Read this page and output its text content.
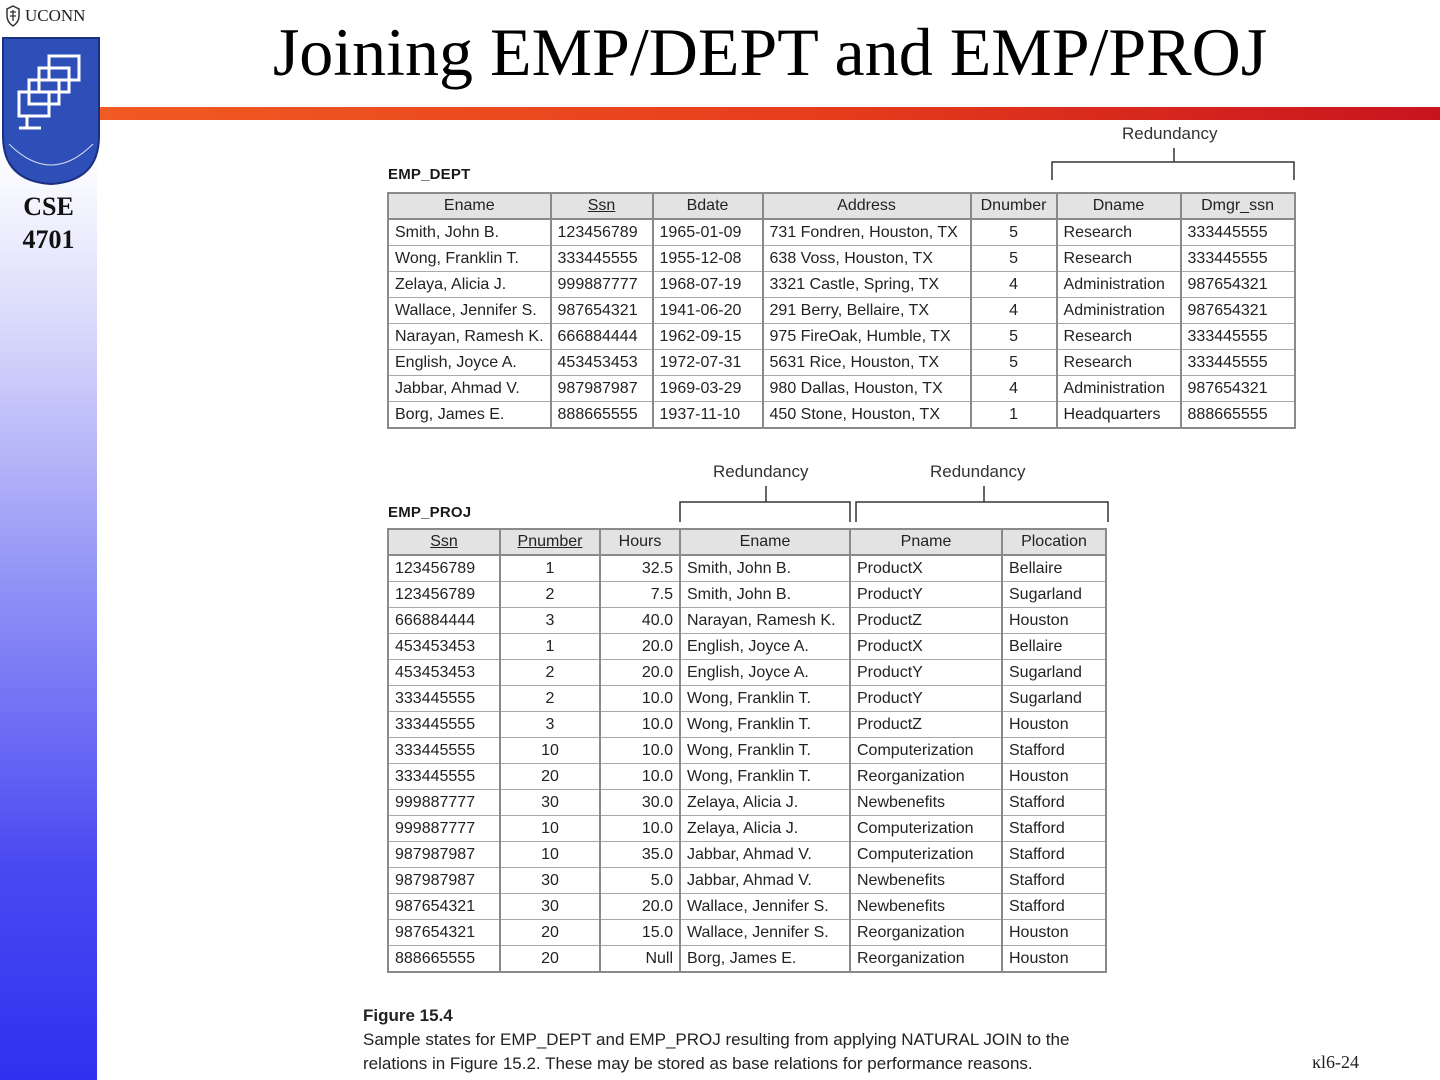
UCONN
CSE
4701
Joining EMP/DEPT and EMP/PROJ
Redundancy
EMP_DEPT
Ename	Ssn	Bdate	Address	Dnumber	Dname	Dmgr_ssn
Smith, John B.	123456789	1965-01-09	731 Fondren, Houston, TX	5	Research	333445555
Wong, Franklin T.	333445555	1955-12-08	638 Voss, Houston, TX	5	Research	333445555
Zelaya, Alicia J.	999887777	1968-07-19	3321 Castle, Spring, TX	4	Administration	987654321
Wallace, Jennifer S.	987654321	1941-06-20	291 Berry, Bellaire, TX	4	Administration	987654321
Narayan, Ramesh K.	666884444	1962-09-15	975 FireOak, Humble, TX	5	Research	333445555
English, Joyce A.	453453453	1972-07-31	5631 Rice, Houston, TX	5	Research	333445555
Jabbar, Ahmad V.	987987987	1969-03-29	980 Dallas, Houston, TX	4	Administration	987654321
Borg, James E.	888665555	1937-11-10	450 Stone, Houston, TX	1	Headquarters	888665555
Redundancy	Redundancy
EMP_PROJ
Ssn	Pnumber	Hours	Ename	Pname	Plocation
123456789	1	32.5	Smith, John B.	ProductX	Bellaire
123456789	2	7.5	Smith, John B.	ProductY	Sugarland
666884444	3	40.0	Narayan, Ramesh K.	ProductZ	Houston
453453453	1	20.0	English, Joyce A.	ProductX	Bellaire
453453453	2	20.0	English, Joyce A.	ProductY	Sugarland
333445555	2	10.0	Wong, Franklin T.	ProductY	Sugarland
333445555	3	10.0	Wong, Franklin T.	ProductZ	Houston
333445555	10	10.0	Wong, Franklin T.	Computerization	Stafford
333445555	20	10.0	Wong, Franklin T.	Reorganization	Houston
999887777	30	30.0	Zelaya, Alicia J.	Newbenefits	Stafford
999887777	10	10.0	Zelaya, Alicia J.	Computerization	Stafford
987987987	10	35.0	Jabbar, Ahmad V.	Computerization	Stafford
987987987	30	5.0	Jabbar, Ahmad V.	Newbenefits	Stafford
987654321	30	20.0	Wallace, Jennifer S.	Newbenefits	Stafford
987654321	20	15.0	Wallace, Jennifer S.	Reorganization	Houston
888665555	20	Null	Borg, James E.	Reorganization	Houston
Figure 15.4
Sample states for EMP_DEPT and EMP_PROJ resulting from applying NATURAL JOIN to the
relations in Figure 15.2. These may be stored as base relations for performance reasons.	ĸl6-24
